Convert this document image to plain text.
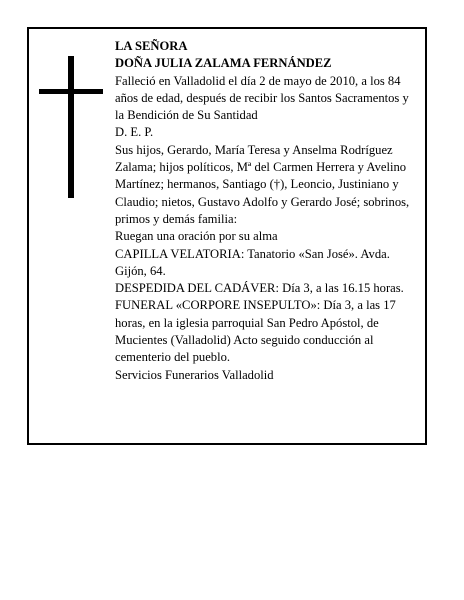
LA SEÑORA

DOÑA JULIA ZALAMA FERNÁNDEZ

Falleció en Valladolid el día 2 de mayo de 2010, a los 84 años de edad, después de recibir los Santos Sacramentos y la Bendición de Su Santidad

D. E. P.

Sus hijos, Gerardo, María Teresa y Anselma Rodríguez Zalama; hijos políticos, Mª del Carmen Herrera y Avelino Martínez; hermanos, Santiago (†), Leoncio, Justiniano y Claudio; nietos, Gustavo Adolfo y Gerardo José; sobrinos, primos y demás familia:

Ruegan una oración por su alma

CAPILLA VELATORIA: Tanatorio «San José». Avda. Gijón, 64.

DESPEDIDA DEL CADÁVER: Día 3, a las 16.15 horas.

FUNERAL «CORPORE INSEPULTO»: Día 3, a las 17 horas, en la iglesia parroquial San Pedro Apóstol, de Mucientes (Valladolid) Acto seguido conducción al cementerio del pueblo.

Servicios Funerarios Valladolid
